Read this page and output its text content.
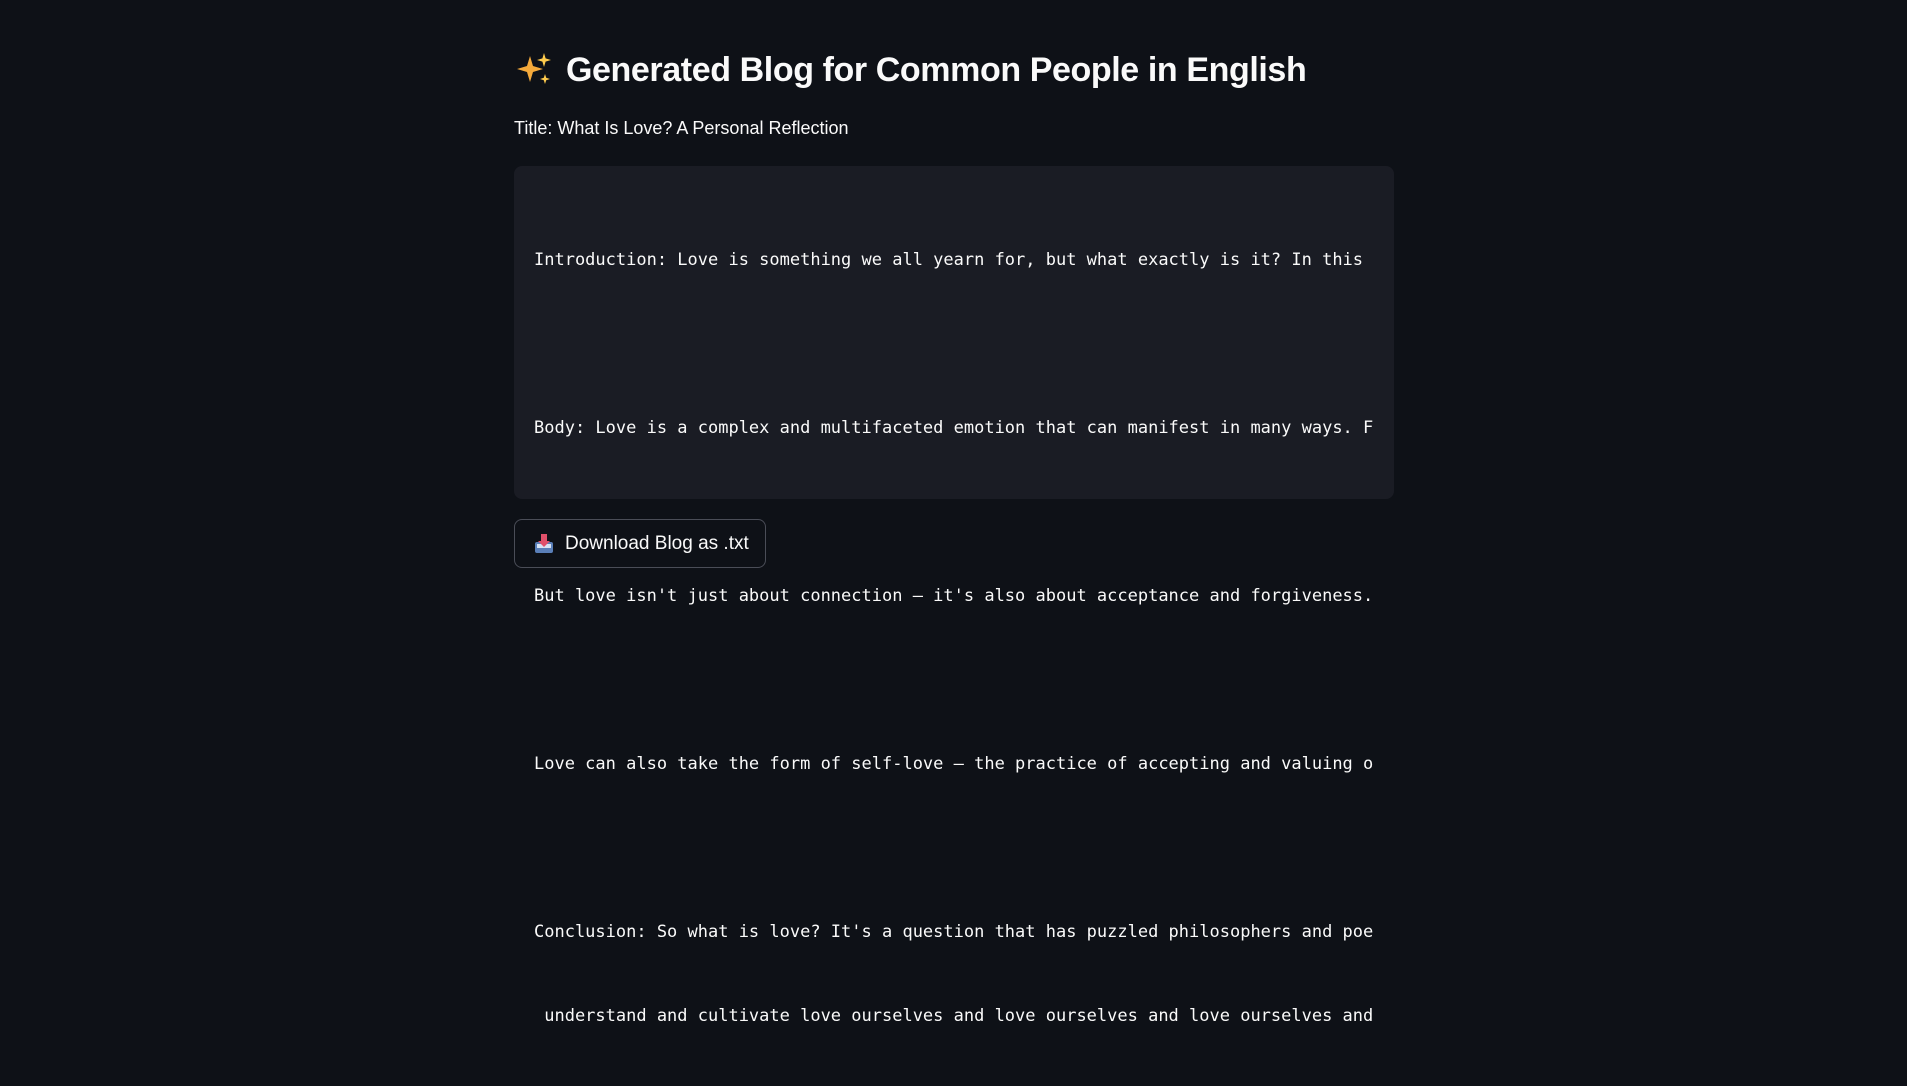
Generated Blog for Common People in English
Title: What Is Love? A Personal Reflection

Introduction: Love is something we all yearn for, but what exactly is it? In this

Body: Love is a complex and multifaceted emotion that can manifest in many ways. F

But love isn't just about connection – it's also about acceptance and forgiveness.

Love can also take the form of self-love – the practice of accepting and valuing o

Conclusion: So what is love? It's a question that has puzzled philosophers and poe

understand and cultivate love ourselves and love ourselves and love ourselves and

Download Blog as .txt
